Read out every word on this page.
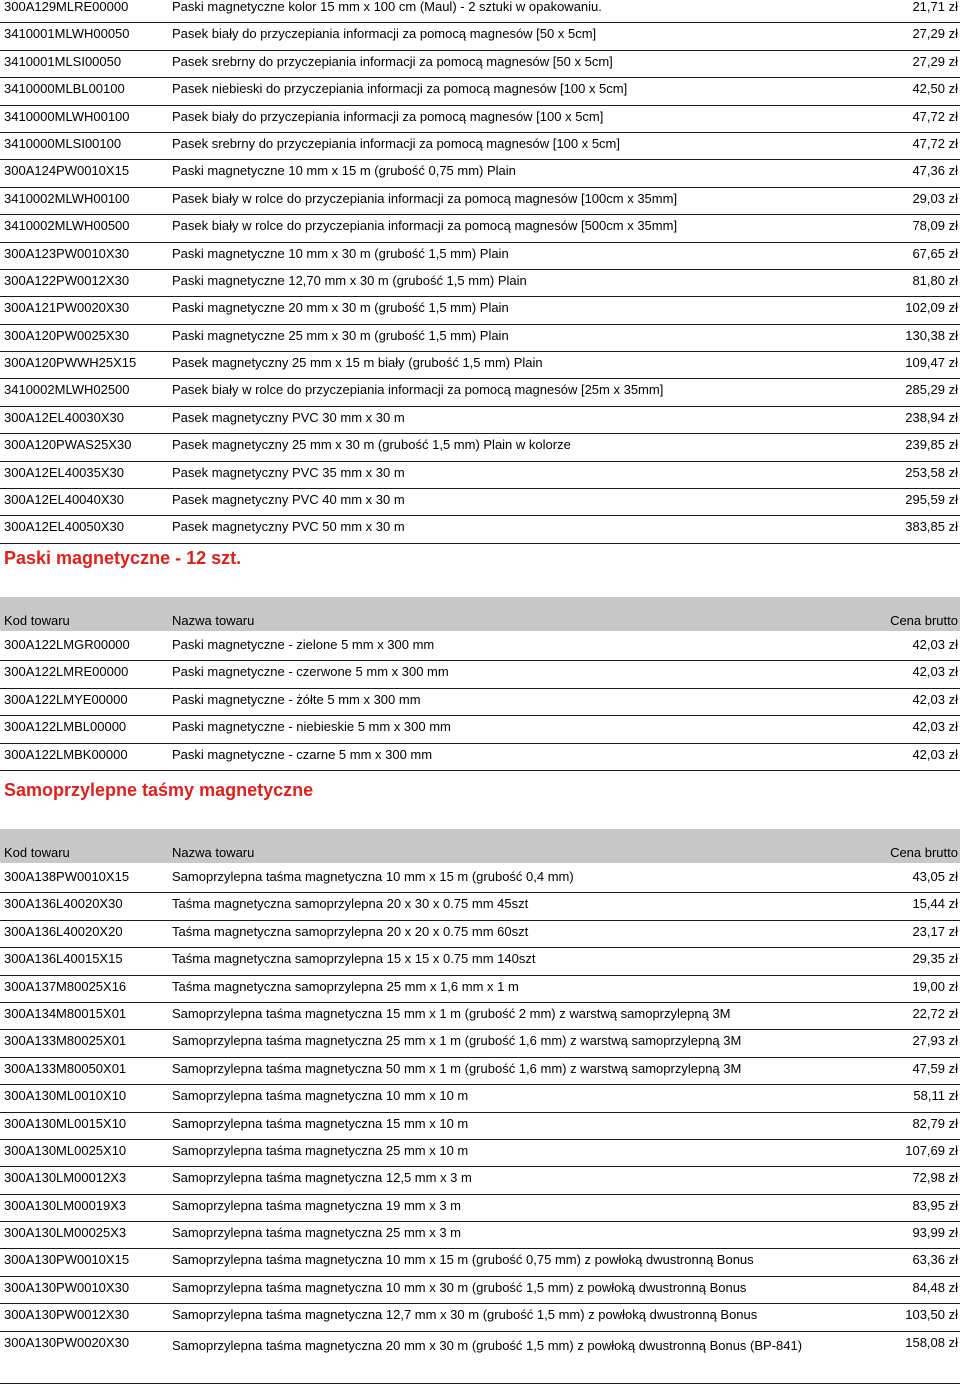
300A129MLRE00000	Paski magnetyczne kolor 15 mm x 100 cm (Maul) - 2 sztuki w opakowaniu.	21,71 zł
3410001MLWH00050	Pasek biały do przyczepiania informacji za pomocą magnesów [50 x 5cm]	27,29 zł
3410001MLSI00050	Pasek srebrny do przyczepiania informacji za pomocą magnesów [50 x 5cm]	27,29 zł
3410000MLBL00100	Pasek niebieski do przyczepiania informacji za pomocą magnesów [100 x 5cm]	42,50 zł
3410000MLWH00100	Pasek biały do przyczepiania informacji za pomocą magnesów [100 x 5cm]	47,72 zł
3410000MLSI00100	Pasek srebrny do przyczepiania informacji za pomocą magnesów [100 x 5cm]	47,72 zł
300A124PW0010X15	Paski magnetyczne 10 mm x 15 m (grubość 0,75 mm) Plain	47,36 zł
3410002MLWH00100	Pasek biały w rolce do przyczepiania informacji za pomocą magnesów [100cm x 35mm]	29,03 zł
3410002MLWH00500	Pasek biały w rolce do przyczepiania informacji za pomocą magnesów [500cm x 35mm]	78,09 zł
300A123PW0010X30	Paski magnetyczne 10 mm x 30 m (grubość 1,5 mm) Plain	67,65 zł
300A122PW0012X30	Paski magnetyczne 12,70 mm x 30 m (grubość 1,5 mm) Plain	81,80 zł
300A121PW0020X30	Paski magnetyczne 20 mm x 30 m (grubość 1,5 mm) Plain	102,09 zł
300A120PW0025X30	Paski magnetyczne 25 mm x 30 m (grubość 1,5 mm) Plain	130,38 zł
300A120PWWH25X15	Pasek magnetyczny 25 mm x 15 m biały (grubość 1,5 mm) Plain	109,47 zł
3410002MLWH02500	Pasek biały w rolce do przyczepiania informacji za pomocą magnesów [25m x 35mm]	285,29 zł
300A12EL40030X30	Pasek magnetyczny PVC 30 mm x 30 m	238,94 zł
300A120PWAS25X30	Pasek magnetyczny 25 mm x 30 m (grubość 1,5 mm) Plain w kolorze	239,85 zł
300A12EL40035X30	Pasek magnetyczny PVC 35 mm x 30 m	253,58 zł
300A12EL40040X30	Pasek magnetyczny PVC 40 mm x 30 m	295,59 zł
300A12EL40050X30	Pasek magnetyczny PVC 50 mm x 30 m	383,85 zł
Paski magnetyczne - 12 szt.
Kod towaru	Nazwa towaru	Cena brutto
300A122LMGR00000	Paski magnetyczne - zielone 5 mm x 300 mm	42,03 zł
300A122LMRE00000	Paski magnetyczne - czerwone 5 mm x 300 mm	42,03 zł
300A122LMYE00000	Paski magnetyczne - żółte 5 mm x 300 mm	42,03 zł
300A122LMBL00000	Paski magnetyczne - niebieskie 5 mm x 300 mm	42,03 zł
300A122LMBK00000	Paski magnetyczne - czarne 5 mm x 300 mm	42,03 zł
Samoprzylepne taśmy magnetyczne
Kod towaru	Nazwa towaru	Cena brutto
300A138PW0010X15	Samoprzylepna taśma magnetyczna 10 mm x 15 m (grubość 0,4 mm)	43,05 zł
300A136L40020X30	Taśma magnetyczna samoprzylepna 20 x 30 x 0.75 mm 45szt	15,44 zł
300A136L40020X20	Taśma magnetyczna samoprzylepna 20 x 20 x 0.75 mm 60szt	23,17 zł
300A136L40015X15	Taśma magnetyczna samoprzylepna 15 x 15 x 0.75 mm 140szt	29,35 zł
300A137M80025X16	Taśma magnetyczna samoprzylepna 25 mm x 1,6 mm x 1 m	19,00 zł
300A134M80015X01	Samoprzylepna taśma magnetyczna 15 mm x 1 m (grubość 2 mm) z warstwą samoprzylepną 3M	22,72 zł
300A133M80025X01	Samoprzylepna taśma magnetyczna 25 mm x 1 m (grubość 1,6 mm) z warstwą samoprzylepną 3M	27,93 zł
300A133M80050X01	Samoprzylepna taśma magnetyczna 50 mm x 1 m (grubość 1,6 mm) z warstwą samoprzylepną 3M	47,59 zł
300A130ML0010X10	Samoprzylepna taśma magnetyczna 10 mm x 10 m	58,11 zł
300A130ML0015X10	Samoprzylepna taśma magnetyczna 15 mm x 10 m	82,79 zł
300A130ML0025X10	Samoprzylepna taśma magnetyczna 25 mm x 10 m	107,69 zł
300A130LM00012X3	Samoprzylepna taśma magnetyczna 12,5 mm x 3 m	72,98 zł
300A130LM00019X3	Samoprzylepna taśma magnetyczna 19 mm x 3 m	83,95 zł
300A130LM00025X3	Samoprzylepna taśma magnetyczna 25 mm x 3 m	93,99 zł
300A130PW0010X15	Samoprzylepna taśma magnetyczna 10 mm x 15 m (grubość 0,75 mm) z powłoką dwustronną Bonus	63,36 zł
300A130PW0010X30	Samoprzylepna taśma magnetyczna 10 mm x 30 m (grubość 1,5 mm) z powłoką dwustronną Bonus	84,48 zł
300A130PW0012X30	Samoprzylepna taśma magnetyczna 12,7 mm x 30 m (grubość 1,5 mm) z powłoką dwustronną Bonus	103,50 zł
300A130PW0020X30	Samoprzylepna taśma magnetyczna 20 mm x 30 m (grubość 1,5 mm) z powłoką dwustronną Bonus (BP-841)	158,08 zł
